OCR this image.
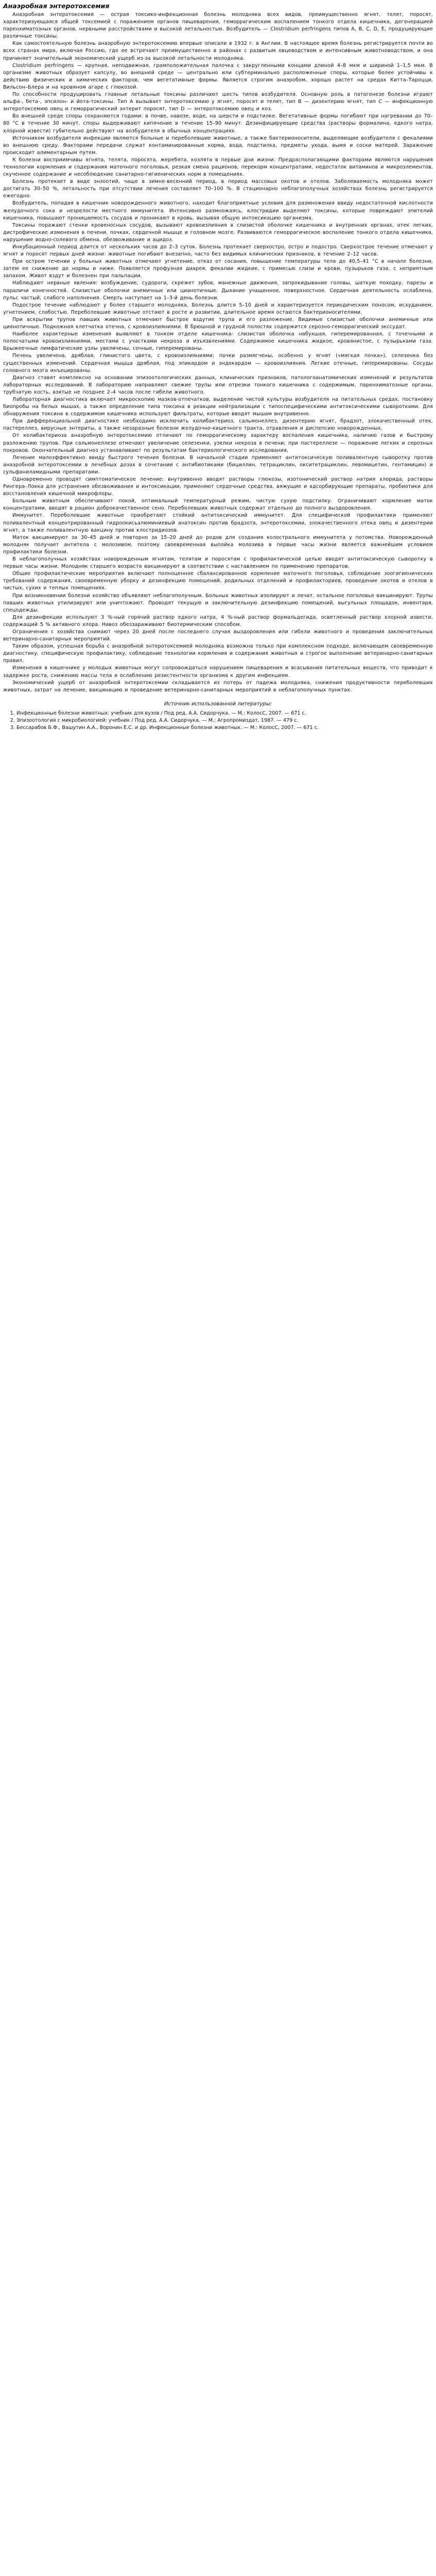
Анаэробная энтеротоксемия

Анаэробная энтеротоксемия — острая токсико-инфекционная болезнь молодняка всех видов, преимущественно ягнят, телят, поросят, характеризующаяся общей токсемией с поражением органов пищеварения, геморрагическим воспалением тонкого отдела кишечника, дегенерацией паренхиматозных органов, нервными расстройствами и высокой летальностью. Возбудитель — Clostridium perfringens типов А, В, С, D, Е, продуцирующие различные токсины.

Как самостоятельную болезнь анаэробную энтеротоксемию впервые описали в 1932 г. в Англии. В настоящее время болезнь регистрируется почти во всех странах мира, включая Россию, где ее встречают преимущественно в районах с развитым овцеводством и интенсивным животноводством, и она причиняет значительный экономический ущерб из-за высокой летальности молодняка.

Clostridium perfringens — крупная, неподвижная, грамположительная палочка с закругленными концами длиной 4–8 мкм и шириной 1–1,5 мкм. В организме животных образует капсулу, во внешней среде — центрально или субтерминально расположенные споры, которые более устойчивы к действию физических и химических факторов, чем вегетативные формы. Является строгим анаэробом, хорошо растет на средах Китта–Тароцци, Вильсон–Блера и на кровяном агаре с глюкозой.

По способности продуцировать главные летальные токсины различают шесть типов возбудителя. Основную роль в патогенезе болезни играют альфа-, бета-, эпсилон- и йота-токсины. Тип А вызывает энтеротоксемию у ягнят, поросят и телят, тип В — дизентерию ягнят, тип С — инфекционную энтеротоксемию овец и геморрагический энтерит поросят, тип D — энтеротоксемию овец и коз.

Во внешней среде споры сохраняются годами: в почве, навозе, воде, на шерсти и подстилке. Вегетативные формы погибают при нагревании до 70–80 °С в течение 30 минут, споры выдерживают кипячение в течение 15–90 минут. Дезинфицирующие средства (растворы формалина, едкого натра, хлорной извести) губительно действуют на возбудителя в обычных концентрациях.

Источником возбудителя инфекции являются больные и переболевшие животные, а также бактерионосители, выделяющие возбудителя с фекалиями во внешнюю среду. Факторами передачи служат контаминированные корма, вода, подстилка, предметы ухода, вымя и соски матерей. Заражение происходит алиментарным путем.

К болезни восприимчивы ягнята, телята, поросята, жеребята, козлята в первые дни жизни. Предрасполагающими факторами являются нарушения технологии кормления и содержания маточного поголовья, резкая смена рационов, перекорм концентратами, недостаток витаминов и микроэлементов, скученное содержание и несоблюдение санитарно-гигиенических норм в помещениях.

Болезнь протекает в виде энзоотий, чаще в зимне-весенний период, в период массовых окотов и отелов. Заболеваемость молодняка может достигать 30–50 %, летальность при отсутствии лечения составляет 70–100 %. В стационарно неблагополучных хозяйствах болезнь регистрируется ежегодно.

Возбудитель, попадая в кишечник новорожденного животного, находит благоприятные условия для размножения ввиду недостаточной кислотности желудочного сока и незрелости местного иммунитета. Интенсивно размножаясь, клостридии выделяют токсины, которые повреждают эпителий кишечника, повышают проницаемость сосудов и проникают в кровь, вызывая общую интоксикацию организма.

Токсины поражают стенки кровеносных сосудов, вызывают кровоизлияния в слизистой оболочке кишечника и внутренних органах, отек легких, дистрофические изменения в печени, почках, сердечной мышце и головном мозге. Развиваются геморрагическое воспаление тонкого отдела кишечника, нарушение водно-солевого обмена, обезвоживание и ацидоз.

Инкубационный период длится от нескольких часов до 2–3 суток. Болезнь протекает сверхостро, остро и подостро. Сверхострое течение отмечают у ягнят и поросят первых дней жизни: животные погибают внезапно, часто без видимых клинических признаков, в течение 2–12 часов.

При остром течении у больных животных отмечают угнетение, отказ от сосания, повышение температуры тела до 40,5–41 °С в начале болезни, затем ее снижение до нормы и ниже. Появляется профузная диарея, фекалии жидкие, с примесью слизи и крови, пузырьков газа, с неприятным запахом. Живот вздут и болезнен при пальпации.

Наблюдают нервные явления: возбуждение, судороги, скрежет зубов, манежные движения, запрокидывание головы, шаткую походку, парезы и параличи конечностей. Слизистые оболочки анемичные или цианотичные. Дыхание учащенное, поверхностное. Сердечная деятельность ослаблена, пульс частый, слабого наполнения. Смерть наступает на 1–3-й день болезни.

Подострое течение наблюдают у более старшего молодняка. Болезнь длится 5–10 дней и характеризуется периодическим поносом, исхуданием, угнетением, слабостью. Переболевшие животные отстают в росте и развитии, длительное время остаются бактерионосителями.

При вскрытии трупов павших животных отмечают быстрое вздутие трупа и его разложение. Видимые слизистые оболочки анемичные или цианотичные. Подкожная клетчатка отечна, с кровоизлияниями. В брюшной и грудной полостях содержится серозно-геморрагический экссудат.

Наиболее характерные изменения выявляют в тонком отделе кишечника: слизистая оболочка набухшая, гиперемированная, с точечными и полосчатыми кровоизлияниями, местами с участками некроза и изъязвлениями. Содержимое кишечника жидкое, кровянистое, с пузырьками газа. Брыжеечные лимфатические узлы увеличены, сочные, гиперемированы.

Печень увеличена, дряблая, глинистого цвета, с кровоизлияниями; почки размягчены, особенно у ягнят («мягкая почка»), селезенка без существенных изменений. Сердечная мышца дряблая, под эпикардом и эндокардом — кровоизлияния. Легкие отечные, гиперемированы. Сосуды головного мозга инъецированы.

Диагноз ставят комплексно на основании эпизоотологических данных, клинических признаков, патологоанатомических изменений и результатов лабораторных исследований. В лабораторию направляют свежие трупы или отрезки тонкого кишечника с содержимым, паренхиматозные органы, трубчатую кость, взятые не позднее 2–4 часов после гибели животного.

Лабораторная диагностика включает микроскопию мазков-отпечатков, выделение чистой культуры возбудителя на питательных средах, постановку биопробы на белых мышах, а также определение типа токсина в реакции нейтрализации с типоспецифическими антитоксическими сыворотками. Для обнаружения токсина в содержимом кишечника используют фильтраты, которые вводят мышам внутривенно.

При дифференциальной диагностике необходимо исключить колибактериоз, сальмонеллез, дизентерию ягнят, брадзот, злокачественный отек, пастереллез, вирусные энтериты, а также незаразные болезни желудочно-кишечного тракта, отравления и диспепсию новорожденных.

От колибактериоза анаэробную энтеротоксемию отличают по геморрагическому характеру воспаления кишечника, наличию газов и быстрому разложению трупов. При сальмонеллезе отмечают увеличение селезенки, узелки некроза в печени; при пастереллезе — поражение легких и серозных покровов. Окончательный диагноз устанавливают по результатам бактериологического исследования.

Лечение малоэффективно ввиду быстрого течения болезни. В начальной стадии применяют антитоксическую поливалентную сыворотку против анаэробной энтеротоксемии в лечебных дозах в сочетании с антибиотиками (бициллин, тетрациклин, окситетрациклин, левомицетин, гентамицин) и сульфаниламидными препаратами.

Одновременно проводят симптоматическое лечение: внутривенно вводят растворы глюкозы, изотонический раствор натрия хлорида, растворы Рингера–Локка для устранения обезвоживания и интоксикации, применяют сердечные средства, вяжущие и адсорбирующие препараты, пробиотики для восстановления кишечной микрофлоры.

Больным животным обеспечивают покой, оптимальный температурный режим, чистую сухую подстилку. Ограничивают кормление маток концентратами, вводят в рацион доброкачественное сено. Переболевших животных содержат отдельно до полного выздоровления.

Иммунитет. Переболевшие животные приобретают стойкий антитоксический иммунитет. Для специфической профилактики применяют поливалентный концентрированный гидроокисьалюминиевый анатоксин против брадзота, энтеротоксемии, злокачественного отека овец и дизентерии ягнят, а также поливалентную вакцину против клостридиозов.

Маток вакцинируют за 30–45 дней и повторно за 15–20 дней до родов для создания колострального иммунитета у потомства. Новорожденный молодняк получает антитела с молозивом, поэтому своевременная выпойка молозива в первые часы жизни является важнейшим условием профилактики болезни.

В неблагополучных хозяйствах новорожденным ягнятам, телятам и поросятам с профилактической целью вводят антитоксическую сыворотку в первые часы жизни. Молодняк старшего возраста вакцинируют в соответствии с наставлением по применению препаратов.

Общие профилактические мероприятия включают полноценное сбалансированное кормление маточного поголовья, соблюдение зоогигиенических требований содержания, своевременную уборку и дезинфекцию помещений, родильных отделений и профилакториев, проведение окотов и отелов в чистых, сухих и теплых помещениях.

При возникновении болезни хозяйство объявляют неблагополучным. Больных животных изолируют и лечат, остальное поголовье вакцинируют. Трупы павших животных утилизируют или уничтожают. Проводят текущую и заключительную дезинфекцию помещений, выгульных площадок, инвентаря, спецодежды.

Для дезинфекции используют 3 %-ный горячий раствор едкого натра, 4 %-ный раствор формальдегида, осветленный раствор хлорной извести, содержащий 5 % активного хлора. Навоз обеззараживают биотермическим способом.

Ограничения с хозяйства снимают через 20 дней после последнего случая выздоровления или гибели животного и проведения заключительных ветеринарно-санитарных мероприятий.

Таким образом, успешная борьба с анаэробной энтеротоксемией молодняка возможна только при комплексном подходе, включающем своевременную диагностику, специфическую профилактику, соблюдение технологии кормления и содержания животных и строгое выполнение ветеринарно-санитарных правил.

Изменения в кишечнике у молодых животных могут сопровождаться нарушением пищеварения и всасывания питательных веществ, что приводит к задержке роста, снижению массы тела и ослаблению резистентности организма к другим инфекциям.

Экономический ущерб от анаэробной энтеротоксемии складывается из потерь от падежа молодняка, снижения продуктивности переболевших животных, затрат на лечение, вакцинацию и проведение ветеринарно-санитарных мероприятий в неблагополучных пунктах.

Источник использованной литературы:
1. Инфекционные болезни животных: учебник для вузов / Под ред. А.А. Сидорчука. — М.: КолосС, 2007. — 671 с.
2. Эпизоотология с микробиологией: учебник / Под ред. А.А. Сидорчука. — М.: Агропромиздат, 1987. — 479 с.
3. Бессарабов Б.Ф., Вашутин А.А., Воронин Е.С. и др. Инфекционные болезни животных. — М.: КолосС, 2007. — 671 с.
